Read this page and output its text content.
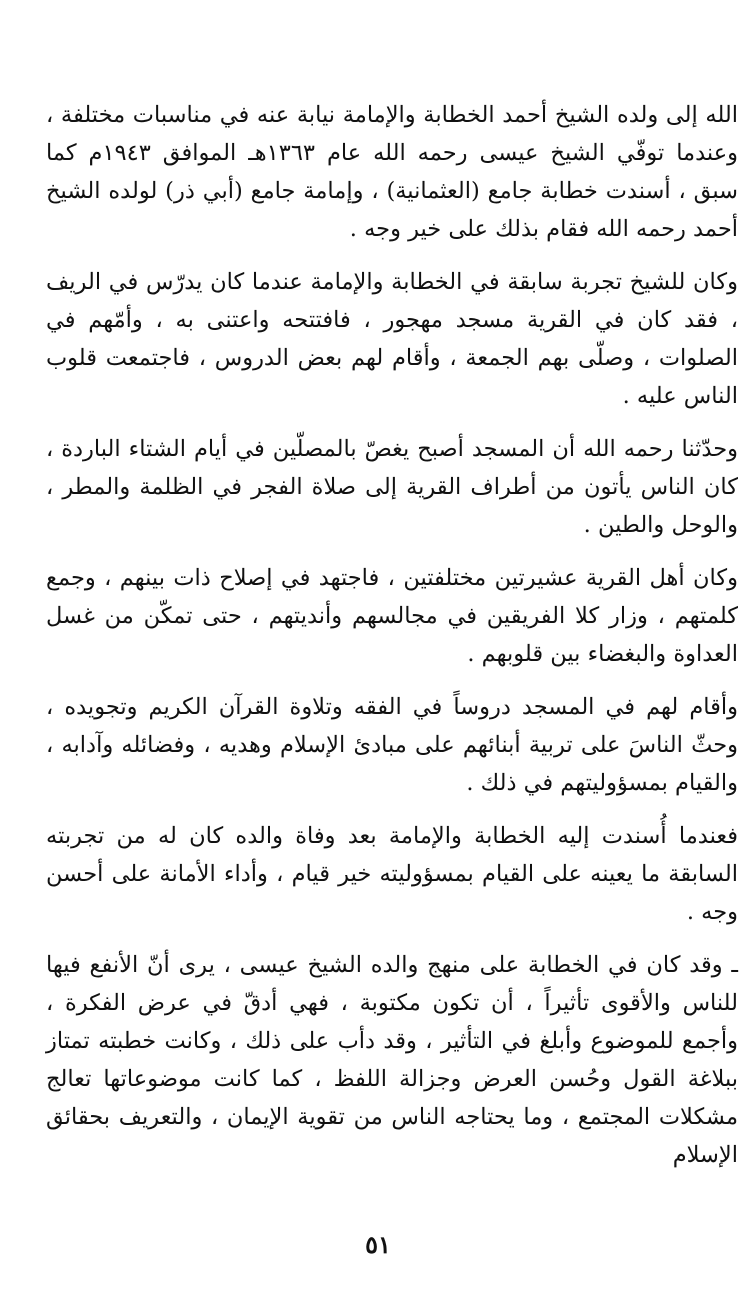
الله إلى ولده الشيخ أحمد الخطابة والإمامة نيابة عنه في مناسبات مختلفة ، وعندما توفّي الشيخ عيسى رحمه الله عام ١٣٦٣هـ الموافق ١٩٤٣م كما سبق ، أسندت خطابة جامع (العثمانية) ، وإمامة جامع (أبي ذر) لولده الشيخ أحمد رحمه الله فقام بذلك على خير وجه .

وكان للشيخ تجربة سابقة في الخطابة والإمامة عندما كان يدرّس في الريف ، فقد كان في القرية مسجد مهجور ، فافتتحه واعتنى به ، وأمّهم في الصلوات ، وصلّى بهم الجمعة ، وأقام لهم بعض الدروس ، فاجتمعت قلوب الناس عليه .

وحدّثنا رحمه الله أن المسجد أصبح يغصّ بالمصلّين في أيام الشتاء الباردة ، كان الناس يأتون من أطراف القرية إلى صلاة الفجر في الظلمة والمطر ، والوحل والطين .

وكان أهل القرية عشيرتين مختلفتين ، فاجتهد في إصلاح ذات بينهم ، وجمع كلمتهم ، وزار كلا الفريقين في مجالسهم وأنديتهم ، حتى تمكّن من غسل العداوة والبغضاء بين قلوبهم .

وأقام لهم في المسجد دروساً في الفقه وتلاوة القرآن الكريم وتجويده ، وحثّ الناسَ على تربية أبنائهم على مبادئ الإسلام وهديه ، وفضائله وآدابه ، والقيام بمسؤوليتهم في ذلك .

فعندما أُسندت إليه الخطابة والإمامة بعد وفاة والده كان له من تجربته السابقة ما يعينه على القيام بمسؤوليته خير قيام ، وأداء الأمانة على أحسن وجه .

ـ وقد كان في الخطابة على منهج والده الشيخ عيسى ، يرى أنّ الأنفع فيها للناس والأقوى تأثيراً ، أن تكون مكتوبة ، فهي أدقّ في عرض الفكرة ، وأجمع للموضوع وأبلغ في التأثير ، وقد دأب على ذلك ، وكانت خطبته تمتاز ببلاغة القول وحُسن العرض وجزالة اللفظ ، كما كانت موضوعاتها تعالج مشكلات المجتمع ، وما يحتاجه الناس من تقوية الإيمان ، والتعريف بحقائق الإسلام

٥١
